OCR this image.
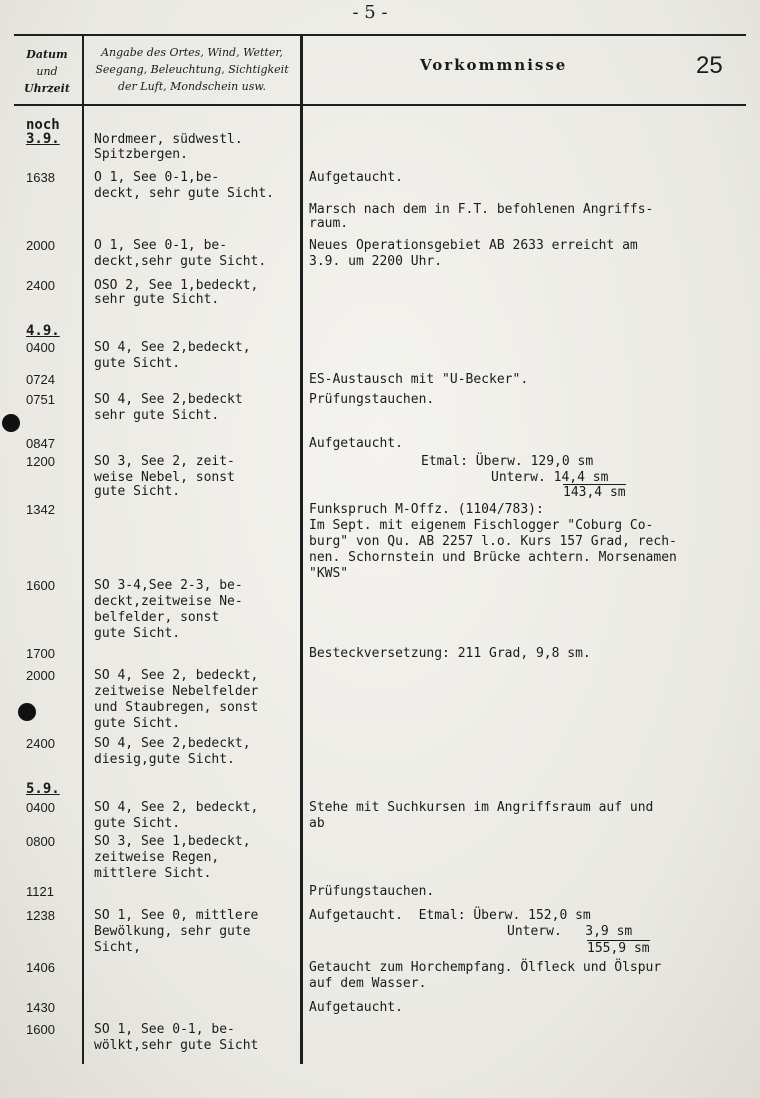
- 5 -
25
Datum
und
Uhrzeit
Angabe des Ortes, Wind, Wetter,
Seegang, Beleuchtung, Sichtigkeit
der Luft, Mondschein usw.
Vorkommnisse
noch
3.9.
1638
2000
2400
4.9.
0400
0724
0751
0847
1200
1342
1600
1700
2000
2400
5.9.
0400
0800
1121
1238
1406
1430
1600
Nordmeer, südwestl.
Spitzbergen.
O 1, See 0-1,be-
deckt, sehr gute Sicht.
O 1, See 0-1, be-
deckt,sehr gute Sicht.
OSO 2, See 1,bedeckt,
sehr gute Sicht.
SO 4, See 2,bedeckt,
gute Sicht.
SO 4, See 2,bedeckt
sehr gute Sicht.
SO 3, See 2, zeit-
weise Nebel, sonst
gute Sicht.
SO 3-4,See 2-3, be-
deckt,zeitweise Ne-
belfelder, sonst
gute Sicht.
SO 4, See 2, bedeckt,
zeitweise Nebelfelder
und Staubregen, sonst
gute Sicht.
SO 4, See 2,bedeckt,
diesig,gute Sicht.
SO 4, See 2, bedeckt,
gute Sicht.
SO 3, See 1,bedeckt,
zeitweise Regen,
mittlere Sicht.
SO 1, See 0, mittlere
Bewölkung, sehr gute
Sicht,
SO 1, See 0-1, be-
wölkt,sehr gute Sicht
Aufgetaucht.
Marsch nach dem in F.T. befohlenen Angriffs-
raum.
Neues Operationsgebiet AB 2633 erreicht am
3.9. um 2200 Uhr.
ES-Austausch mit "U-Becker".
Prüfungstauchen.
Aufgetaucht.
Etmal: Überw. 129,0 sm
Unterw. 14,4 sm
143,4 sm
Funkspruch M-Offz. (1104/783):
Im Sept. mit eigenem Fischlogger "Coburg Co-
burg" von Qu. AB 2257 l.o. Kurs 157 Grad, rech-
nen. Schornstein und Brücke achtern. Morsenamen
"KWS"
Besteckversetzung: 211 Grad, 9,8 sm.
Stehe mit Suchkursen im Angriffsraum auf und
ab
Prüfungstauchen.
Aufgetaucht.  Etmal: Überw. 152,0 sm
Unterw.   3,9 sm
155,9 sm
Getaucht zum Horchempfang. Ölfleck und Ölspur
auf dem Wasser.
Aufgetaucht.
